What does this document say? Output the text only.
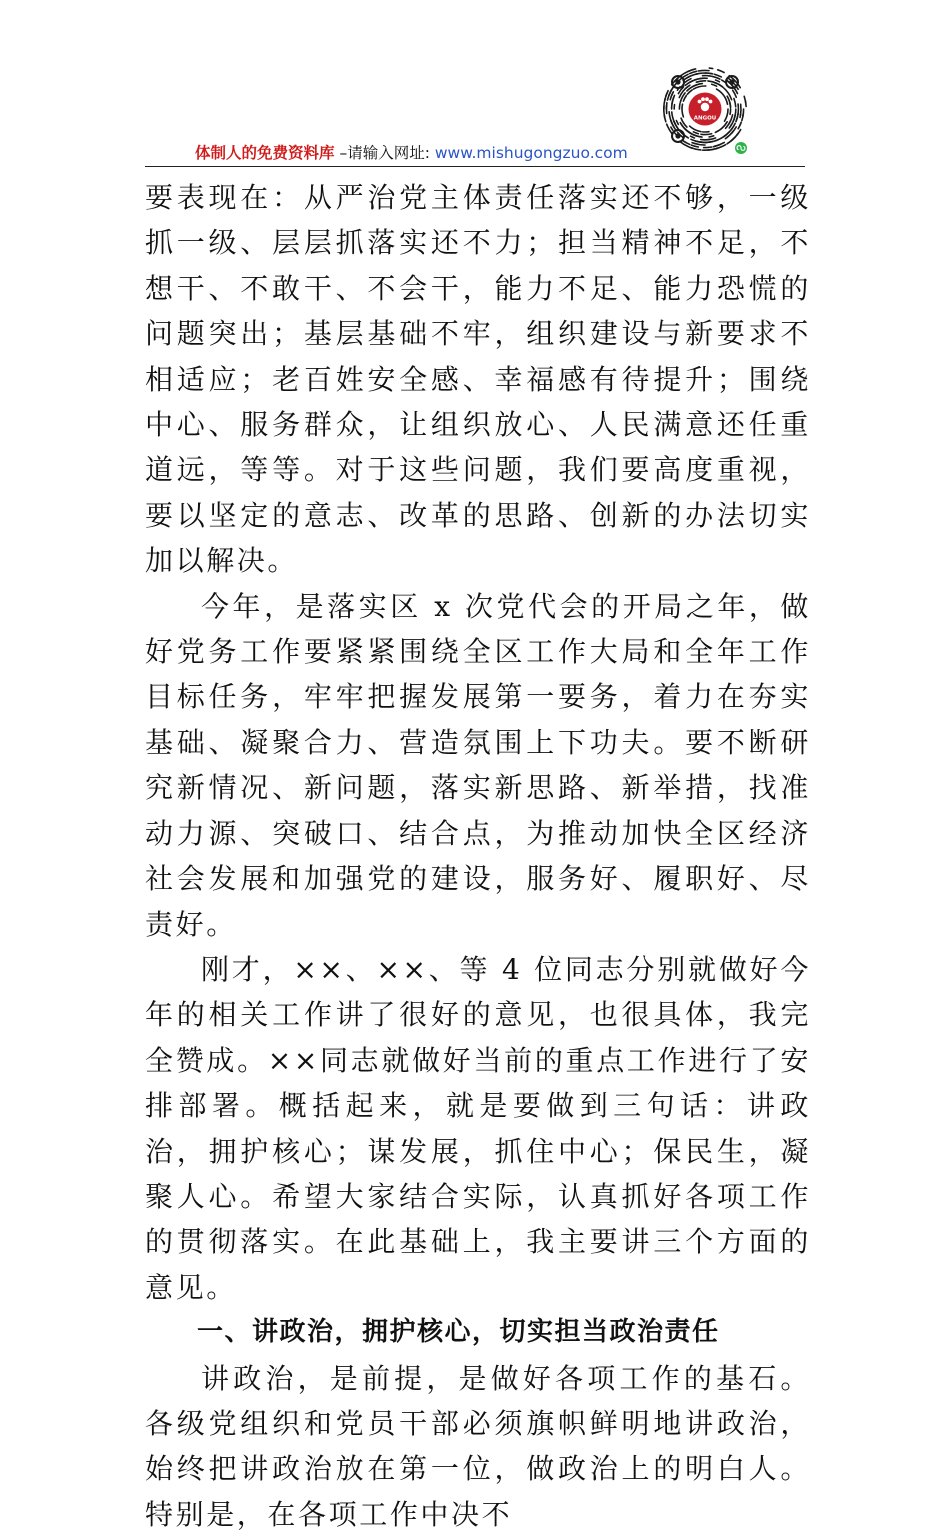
体制人的免费资料库 –请输入网址: www.mishugongzuo.com
ANGOU

要表现在：从严治党主体责任落实还不够，一级抓一级、层层抓落实还不力；担当精神不足，不想干、不敢干、不会干，能力不足、能力恐慌的问题突出；基层基础不牢，组织建设与新要求不相适应；老百姓安全感、幸福感有待提升；围绕中心、服务群众，让组织放心、人民满意还任重道远，等等。对于这些问题，我们要高度重视，要以坚定的意志、改革的思路、创新的办法切实加以解决。

今年，是落实区 x 次党代会的开局之年，做好党务工作要紧紧围绕全区工作大局和全年工作目标任务，牢牢把握发展第一要务，着力在夯实基础、凝聚合力、营造氛围上下功夫。要不断研究新情况、新问题，落实新思路、新举措，找准动力源、突破口、结合点，为推动加快全区经济社会发展和加强党的建设，服务好、履职好、尽责好。

刚才，××、××、等 4 位同志分别就做好今年的相关工作讲了很好的意见，也很具体，我完全赞成。××同志就做好当前的重点工作进行了安排部署。概括起来，就是要做到三句话：讲政治，拥护核心；谋发展，抓住中心；保民生，凝聚人心。希望大家结合实际，认真抓好各项工作的贯彻落实。在此基础上，我主要讲三个方面的意见。

一、讲政治，拥护核心，切实担当政治责任

讲政治，是前提，是做好各项工作的基石。各级党组织和党员干部必须旗帜鲜明地讲政治，始终把讲政治放在第一位，做政治上的明白人。特别是，在各项工作中决不
